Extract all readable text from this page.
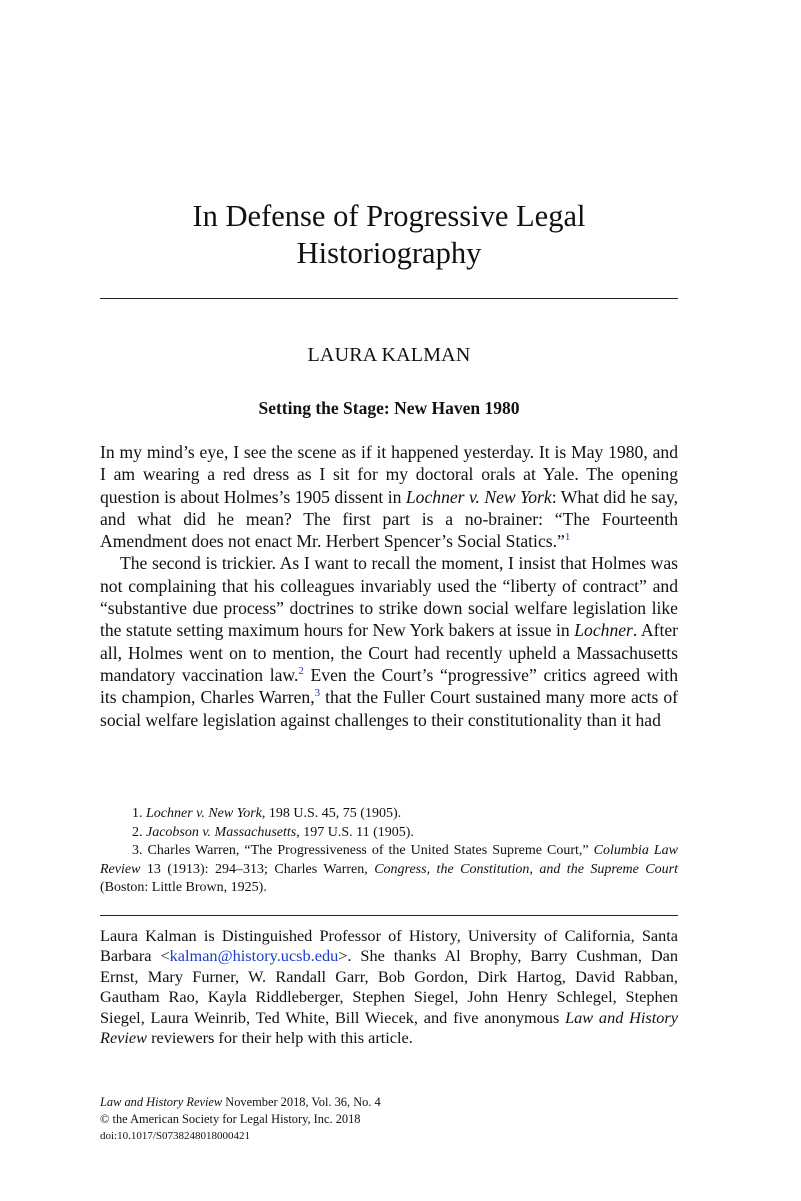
In Defense of Progressive Legal
Historiography
LAURA KALMAN
Setting the Stage: New Haven 1980

In my mind’s eye, I see the scene as if it happened yesterday. It is May 1980, and I am wearing a red dress as I sit for my doctoral orals at Yale. The opening question is about Holmes’s 1905 dissent in Lochner v. New York: What did he say, and what did he mean? The first part is a no-brainer: “The Fourteenth Amendment does not enact Mr. Herbert Spencer’s Social Statics.”$^1$

The second is trickier. As I want to recall the moment, I insist that Holmes was not complaining that his colleagues invariably used the “liberty of contract” and “substantive due process” doctrines to strike down social welfare legislation like the statute setting maximum hours for New York bakers at issue in Lochner. After all, Holmes went on to mention, the Court had recently upheld a Massachusetts mandatory vaccination law.$^2$ Even the Court’s “progressive” critics agreed with its champion, Charles Warren,$^3$ that the Fuller Court sustained many more acts of social welfare legislation against challenges to their constitutionality than it had

1. Lochner v. New York, 198 U.S. 45, 75 (1905).

2. Jacobson v. Massachusetts, 197 U.S. 11 (1905).

3. Charles Warren, “The Progressiveness of the United States Supreme Court,” Columbia Law Review 13 (1913): 294–313; Charles Warren, Congress, the Constitution, and the Supreme Court (Boston: Little Brown, 1925).

Laura Kalman is Distinguished Professor of History, University of California, Santa Barbara <kalman@history.ucsb.edu>. She thanks Al Brophy, Barry Cushman, Dan Ernst, Mary Furner, W. Randall Garr, Bob Gordon, Dirk Hartog, David Rabban, Gautham Rao, Kayla Riddleberger, Stephen Siegel, John Henry Schlegel, Stephen Siegel, Laura Weinrib, Ted White, Bill Wiecek, and five anonymous Law and History Review reviewers for their help with this article.

Law and History Review November 2018, Vol. 36, No. 4
© the American Society for Legal History, Inc. 2018
doi:10.1017/S0738248018000421
